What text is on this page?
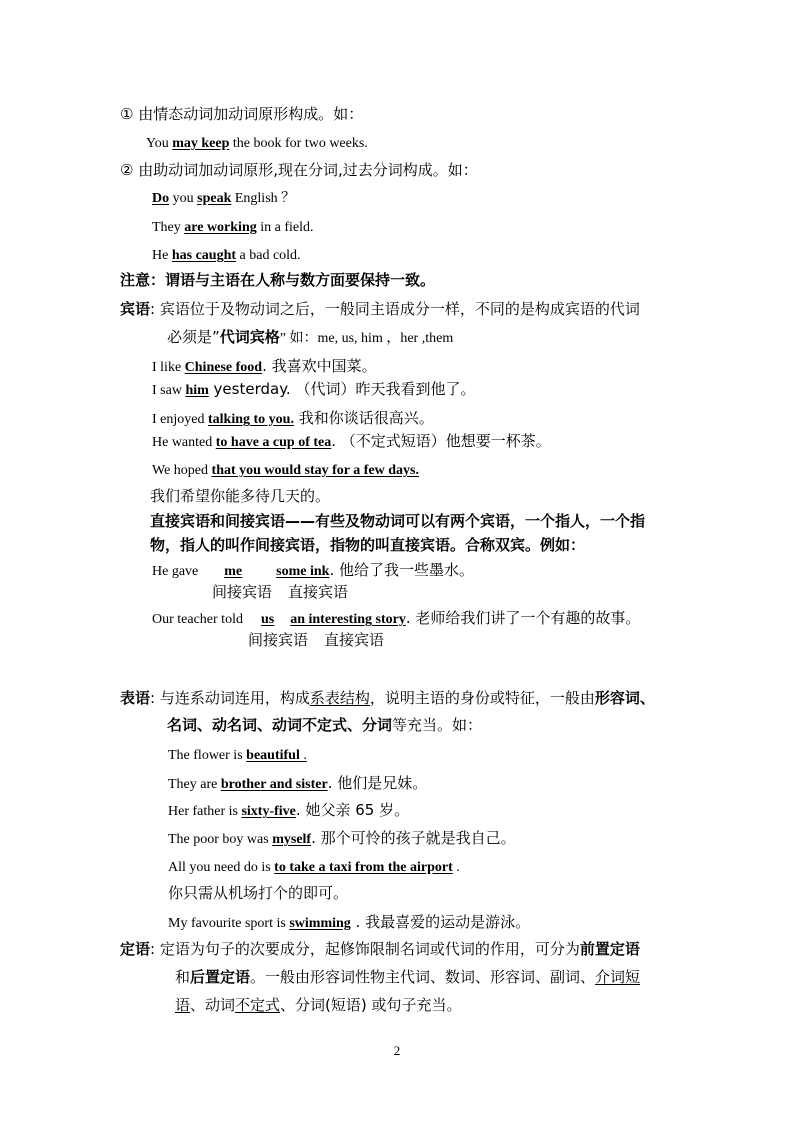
① 由情态动词加动词原形构成。如：
You may keep the book for two weeks.
② 由助动词加动词原形,现在分词,过去分词构成。如：
Do you speak English ？
They are working in a field.
He has caught a bad cold.
注意：谓语与主语在人称与数方面要保持一致。
宾语: 宾语位于及物动词之后，一般同主语成分一样，不同的是构成宾语的代词
必须是”代词宾格” 如：me, us, him ，her ,them
I like Chinese food. 我喜欢中国菜。
I saw him yesterday. （代词）昨天我看到他了。
I enjoyed talking to you. 我和你谈话很高兴。
He wanted to have a cup of tea. （不定式短语）他想要一杯茶。
We hoped that you would stay for a few days.
我们希望你能多待几天的。
直接宾语和间接宾语——有些及物动词可以有两个宾语，一个指人，一个指
物，指人的叫作间接宾语，指物的叫直接宾语。合称双宾。例如：
He gave me some ink. 他给了我一些墨水。
间接宾语 直接宾语
Our teacher told us an interesting story. 老师给我们讲了一个有趣的故事。
间接宾语 直接宾语
表语: 与连系动词连用，构成系表结构，说明主语的身份或特征，一般由形容词、
名词、动名词、动词不定式、分词等充当。如：
The flower is beautiful .
They are brother and sister. 他们是兄妹。
Her father is sixty-five. 她父亲 65 岁。
The poor boy was myself. 那个可怜的孩子就是我自己。
All you need do is to take a taxi from the airport .
你只需从机场打个的即可。
My favourite sport is swimming . 我最喜爱的运动是游泳。
定语: 定语为句子的次要成分，起修饰限制名词或代词的作用，可分为前置定语
和后置定语。一般由形容词性物主代词、数词、形容词、副词、介词短
语、动词不定式、分词(短语) 或句子充当。
2
